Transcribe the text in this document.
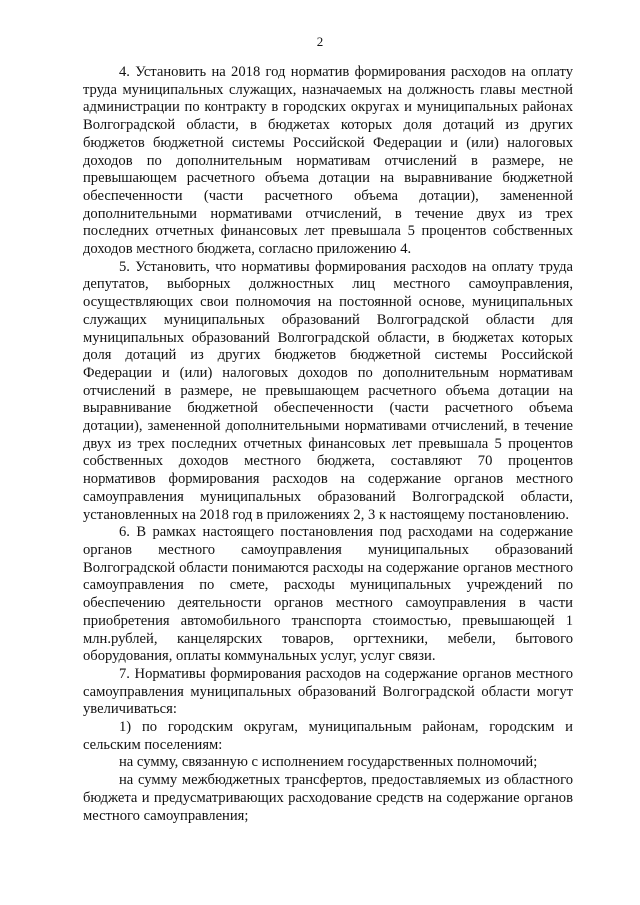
2

4. Установить на 2018 год норматив формирования расходов на оплату труда муниципальных служащих, назначаемых на должность главы местной администрации по контракту в городских округах и муниципальных районах Волгоградской области, в бюджетах которых доля дотаций из других бюджетов бюджетной системы Российской Федерации и (или) налоговых доходов по дополнительным нормативам отчислений в размере, не превышающем расчетного объема дотации на выравнивание бюджетной обеспеченности (части расчетного объема дотации), замененной дополнительными нормативами отчислений, в течение двух из трех последних отчетных финансовых лет превышала 5 процентов собственных доходов местного бюджета, согласно приложению 4.

5. Установить, что нормативы формирования расходов на оплату труда депутатов, выборных должностных лиц местного самоуправления, осуществляющих свои полномочия на постоянной основе, муниципальных служащих муниципальных образований Волгоградской области для муниципальных образований Волгоградской области, в бюджетах которых доля дотаций из других бюджетов бюджетной системы Российской Федерации и (или) налоговых доходов по дополнительным нормативам отчислений в размере, не превышающем расчетного объема дотации на выравнивание бюджетной обеспеченности (части расчетного объема дотации), замененной дополнительными нормативами отчислений, в течение двух из трех последних отчетных финансовых лет превышала 5 процентов собственных доходов местного бюджета, составляют 70 процентов нормативов формирования расходов на содержание органов местного самоуправления муниципальных образований Волгоградской области, установленных на 2018 год в приложениях 2, 3 к настоящему постановлению.

6. В рамках настоящего постановления под расходами на содержание органов местного самоуправления муниципальных образований Волгоградской области понимаются расходы на содержание органов местного самоуправления по смете, расходы муниципальных учреждений по обеспечению деятельности органов местного самоуправления в части приобретения автомобильного транспорта стоимостью, превышающей 1 млн.рублей, канцелярских товаров, оргтехники, мебели, бытового оборудования, оплаты коммунальных услуг, услуг связи.

7. Нормативы формирования расходов на содержание органов местного самоуправления муниципальных образований Волгоградской области могут увеличиваться:

1) по городским округам, муниципальным районам, городским и сельским поселениям:

на сумму, связанную с исполнением государственных полномочий;

на сумму межбюджетных трансфертов, предоставляемых из областного бюджета и предусматривающих расходование средств на содержание органов местного самоуправления;
